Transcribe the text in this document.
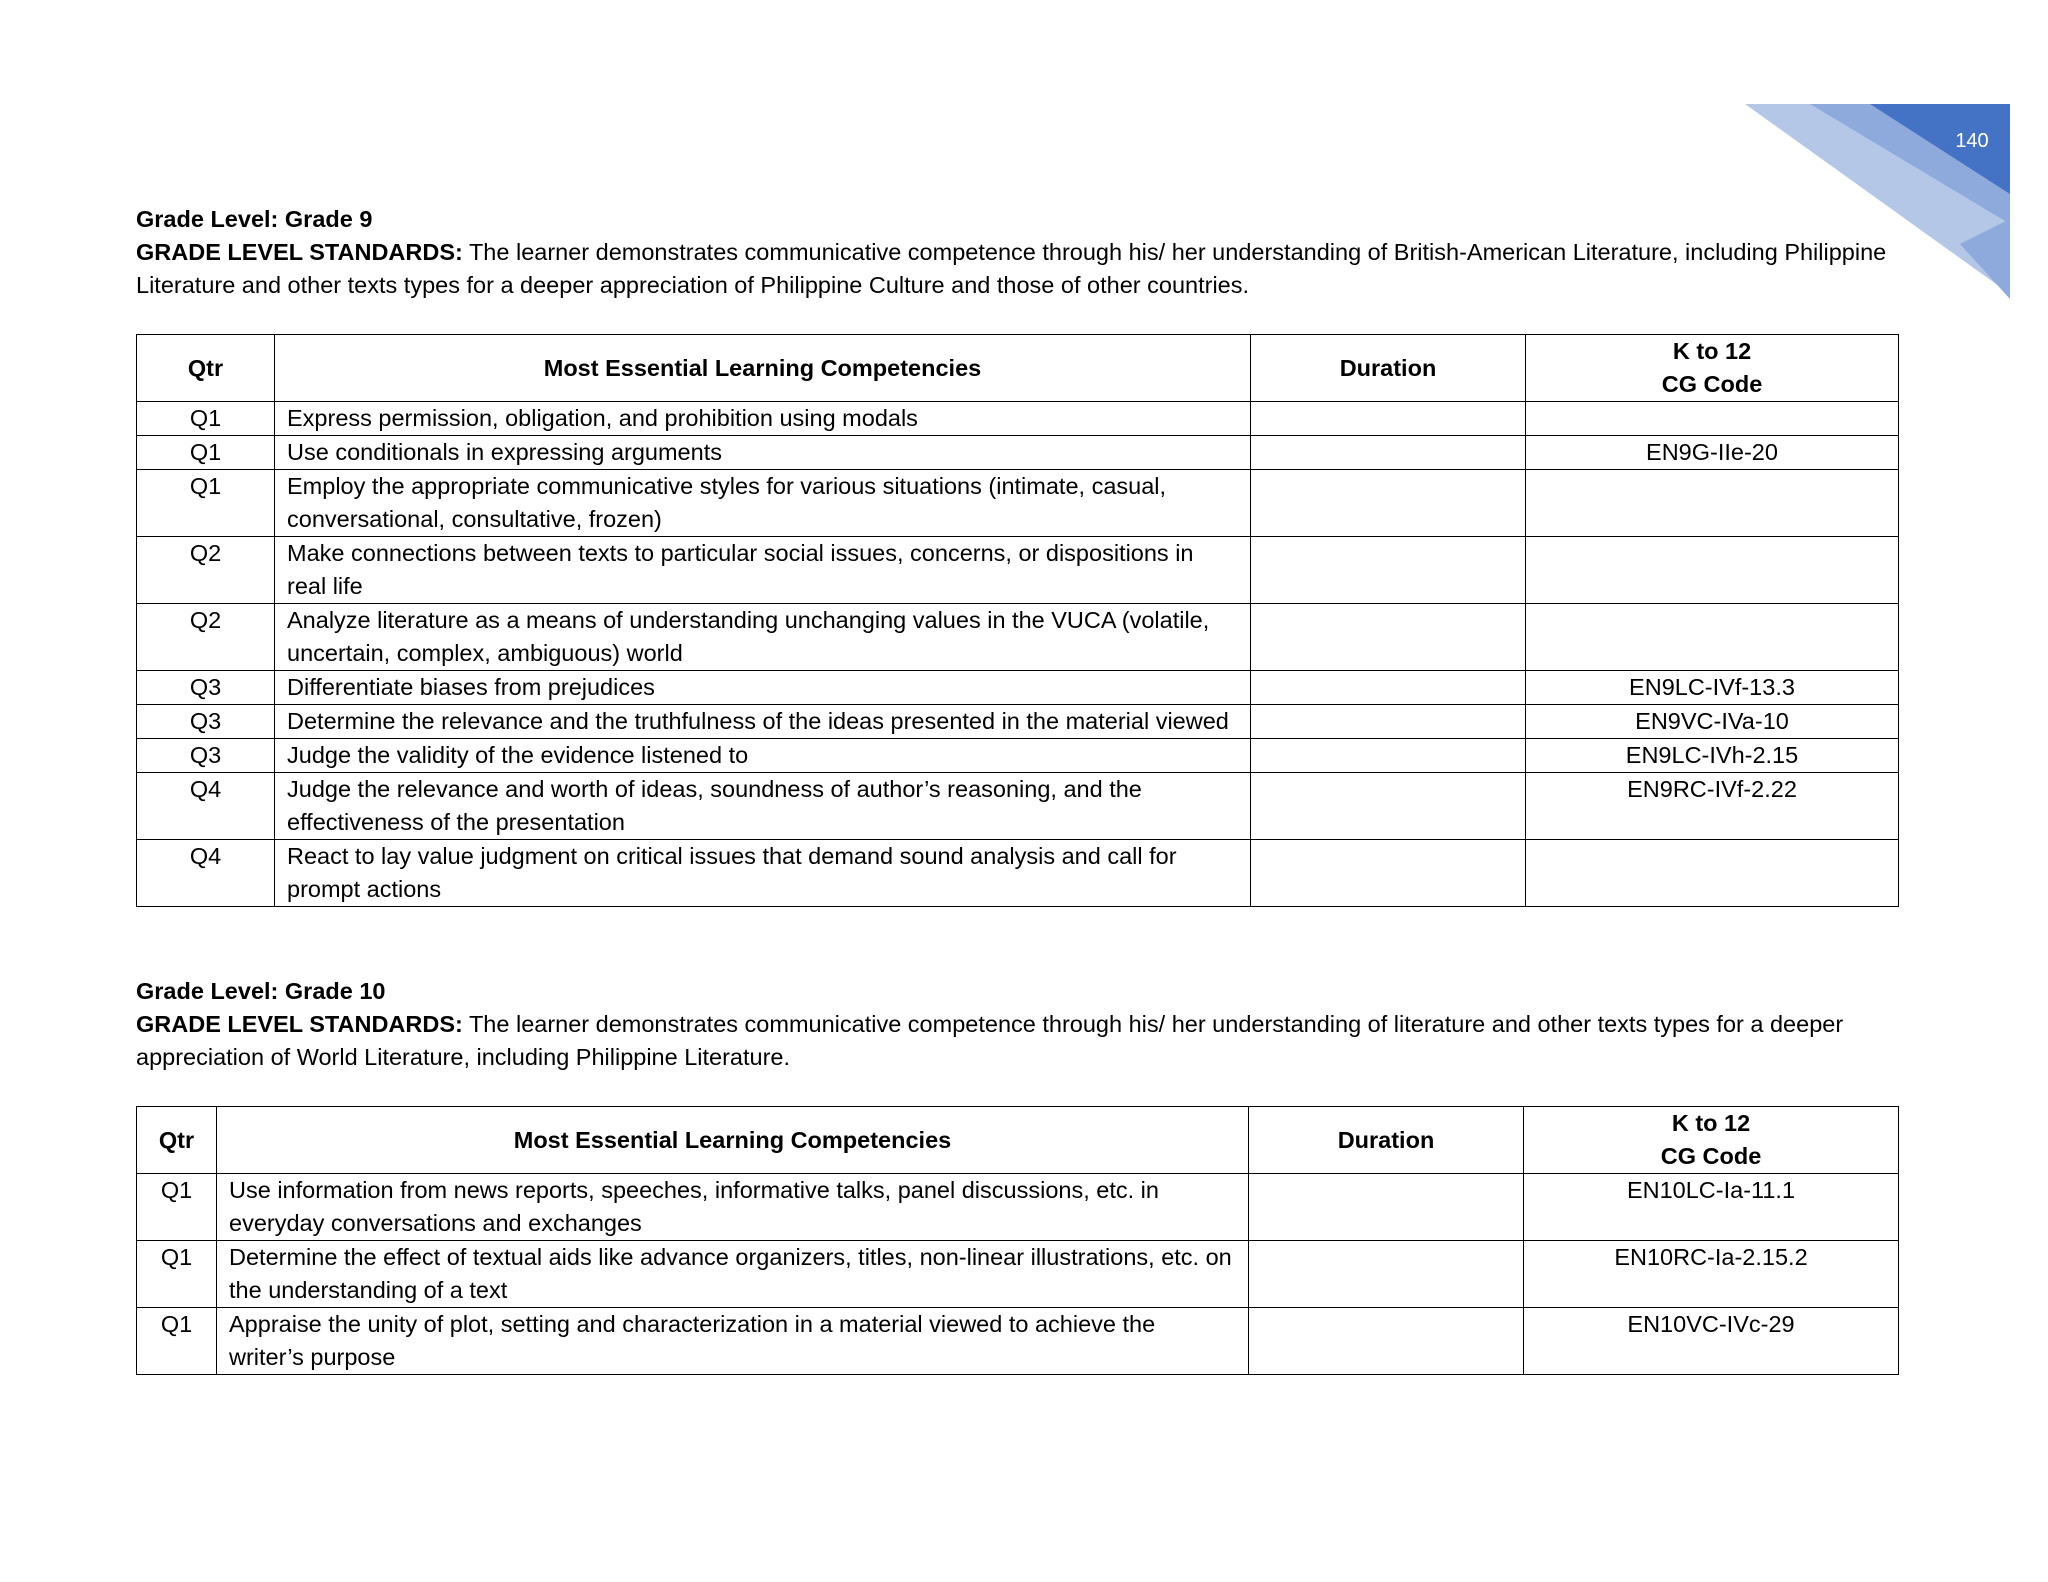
140
Grade Level: Grade 9
GRADE LEVEL STANDARDS: The learner demonstrates communicative competence through his/ her understanding of British-American Literature, including Philippine Literature and other texts types for a deeper appreciation of Philippine Culture and those of other countries.
Qtr	Most Essential Learning Competencies	Duration	K to 12
CG Code
Q1	Express permission, obligation, and prohibition using modals		
Q1	Use conditionals in expressing arguments		EN9G-IIe-20
Q1	Employ the appropriate communicative styles for various situations (intimate, casual, conversational, consultative, frozen)		
Q2	Make connections between texts to particular social issues, concerns, or dispositions in real life		
Q2	Analyze literature as a means of understanding unchanging values in the VUCA (volatile, uncertain, complex, ambiguous) world		
Q3	Differentiate biases from prejudices		EN9LC-IVf-13.3
Q3	Determine the relevance and the truthfulness of the ideas presented in the material viewed		EN9VC-IVa-10
Q3	Judge the validity of the evidence listened to		EN9LC-IVh-2.15
Q4	Judge the relevance and worth of ideas, soundness of author’s reasoning, and the effectiveness of the presentation		EN9RC-IVf-2.22
Q4	React to lay value judgment on critical issues that demand sound analysis and call for prompt actions		
Grade Level: Grade 10
GRADE LEVEL STANDARDS: The learner demonstrates communicative competence through his/ her understanding of literature and other texts types for a deeper appreciation of World Literature, including Philippine Literature.
Qtr	Most Essential Learning Competencies	Duration	K to 12
CG Code
Q1	Use information from news reports, speeches, informative talks, panel discussions, etc. in everyday conversations and exchanges		EN10LC-Ia-11.1
Q1	Determine the effect of textual aids like advance organizers, titles, non-linear illustrations, etc. on the understanding of a text		EN10RC-Ia-2.15.2
Q1	Appraise the unity of plot, setting and characterization in a material viewed to achieve the writer’s purpose		EN10VC-IVc-29
